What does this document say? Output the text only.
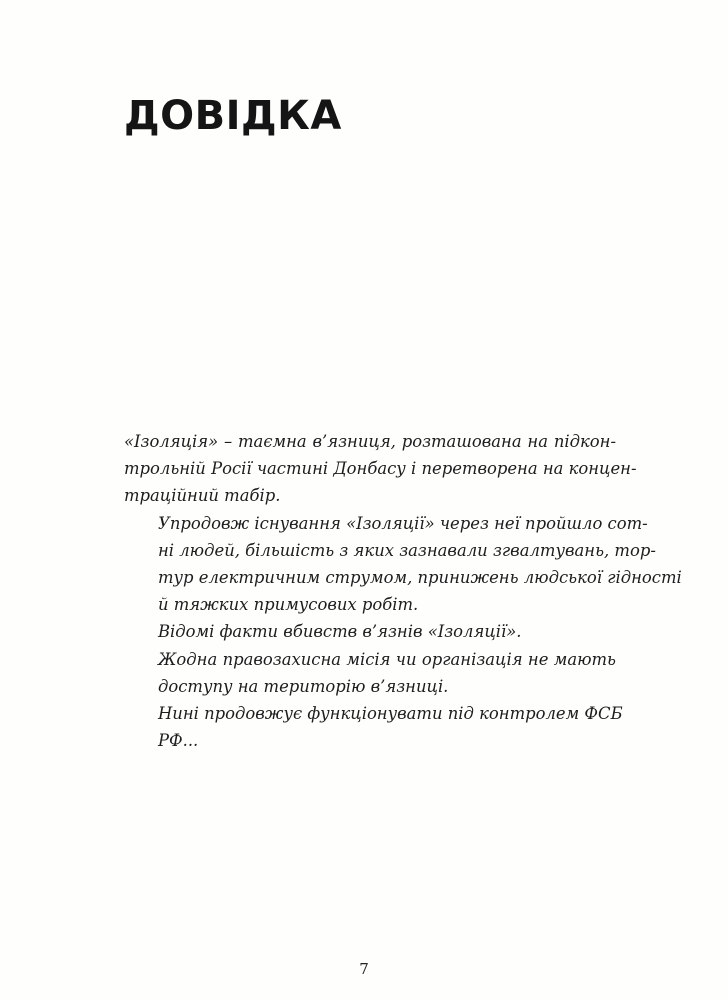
ДОВІДКА

«Ізоляція» – таємна в’язниця, розташована на підкон-
трольній Росії частині Донбасу і перетворена на концен-
траційний табір.

Упродовж існування «Ізоляції» через неї пройшло сот-
ні людей, більшість з яких зазнавали згвалтувань, тор-
тур електричним струмом, принижень людської гідності
й тяжких примусових робіт.

Відомі факти вбивств в’язнів «Ізоляції».

Жодна правозахисна місія чи організація не мають
доступу на територію в’язниці.

Нині продовжує функціонувати під контролем ФСБ
РФ...

7
